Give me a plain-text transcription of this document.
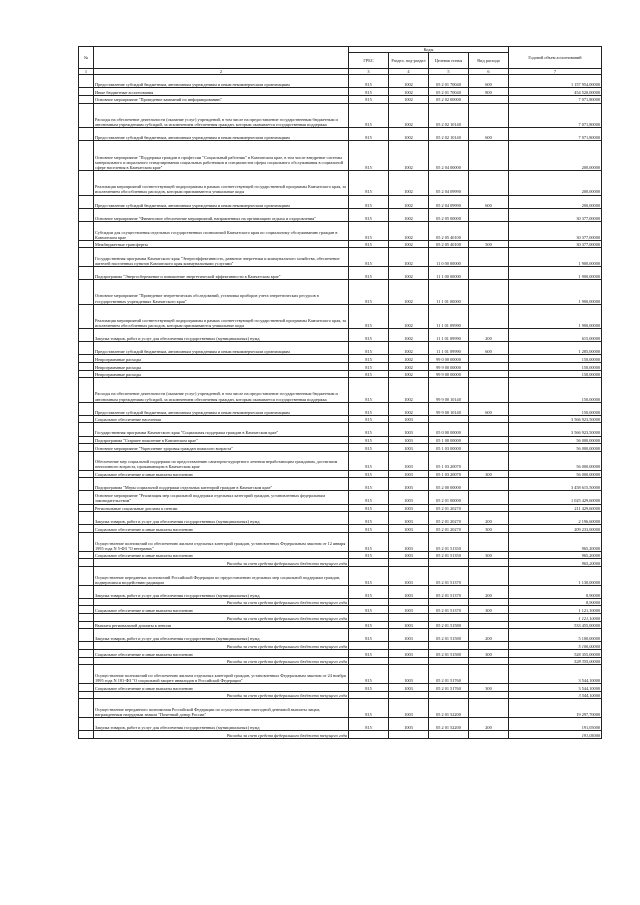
№		Коды				Годовой объем ассигнований
		ГРБС	Раздел, под-раздел	Целевая статья	Вид расхода	
1	2	3	4	5	6	7
	Предоставление субсидий бюджетным, автономным учреждениям и иным некоммерческим организациям	815	1002	05 2 01 70040	600	1 157 954,00000
	Иные бюджетные ассигнования	815	1002	05 2 01 70040	800	454 520,00000
	Основное мероприятие "Проведение кампаний по информированию"	815	1002	05 2 02 00000		7 071,80000
	Расходы на обеспечение деятельности (оказание услуг) учреждений, в том числе на предоставление государственным бюджетным и автономным учреждениям субсидий, за исключением обеспечения граждан, которым оказывается государственная поддержка	815	1002	05 2 02 10140		7 071,80000
	Предоставление субсидий бюджетным, автономным учреждениям и иным некоммерческим организациям	815	1002	05 2 02 10140	600	7 071,80000
	Основное мероприятие "Поддержка граждан в профессии "Социальный работник" в Камчатском крае, в том числе внедрение системы материального и морального стимулирования социальных работников и специалистов сферы социального обслуживания в социальной сфере населения в Камчатском крае"	815	1002	05 2 04 00000		200,00000
	Реализация мероприятий соответствующей подпрограммы в рамках соответствующей государственной программы Камчатского края, за исключением обособленных расходов, которым присваиваются уникальные коды	815	1002	05 2 04 09990		200,00000
	Предоставление субсидий бюджетным, автономным учреждениям и иным некоммерческим организациям	815	1002	05 2 04 09990	600	200,00000
	Основное мероприятие "Финансовое обеспечение мероприятий, направленных на организацию отдыха и оздоровления"	815	1002	05 2 05 00000		30 377,00000
	Субсидии для осуществления отдельных государственных полномочий Камчатского края по социальному обслуживанию граждан в Камчатском крае	815	1002	05 2 05 40100		30 377,00000
	Межбюджетные трансферты	815	1002	05 2 05 40100	500	30 377,00000
	Государственная программа Камчатского края "Энергоэффективность, развитие энергетики и коммунального хозяйства, обеспечение жителей населенных пунктов Камчатского края коммунальными услугами"	815	1002	11 0 00 00000		1 900,00000
	Подпрограмма "Энергосбережение и повышение энергетической эффективности в Камчатском крае"	815	1002	11 1 00 00000		1 900,00000
	Основное мероприятие "Проведение энергетических обследований, установка приборов учета энергетических ресурсов в государственных учреждениях Камчатского края"	815	1002	11 1 01 00000		1 900,00000
	Реализация мероприятий соответствующей подпрограммы в рамках соответствующей государственной программы Камчатского края, за исключением обособленных расходов, которым присваиваются уникальные коды	815	1002	11 1 01 09990		1 900,00000
	Закупка товаров, работ и услуг для обеспечения государственных (муниципальных) нужд	815	1002	11 1 01 09990	200	615,00000
	Предоставление субсидий бюджетным, автономным учреждениям и иным некоммерческим организациям	815	1002	11 1 01 09990	600	1 285,00000
	Непрограммные расходы	815	1002	99 0 00 00000		150,00000
	Непрограммные расходы	815	1002	99 9 00 00000		150,00000
	Непрограммные расходы	815	1002	99 9 00 00000		150,00000
	Расходы на обеспечение деятельности (оказание услуг) учреждений, в том числе на предоставление государственным бюджетным и автономным учреждениям субсидий, за исключением обеспечения граждан, которым оказывается государственная поддержка	815	1002	99 9 00 10140		150,00000
	Предоставление субсидий бюджетным, автономным учреждениям и иным некоммерческим организациям	815	1002	99 9 00 10140	600	150,00000
	Социальное обеспечение населения	815	1003			3 566 923,50000
	Государственная программа Камчатского края "Социальная поддержка граждан в Камчатском крае"	815	1003	05 0 00 00000		3 566 923,50000
	Подпрограмма "Старшее поколение в Камчатском крае"	815	1003	05 1 00 00000		56 000,00000
	Основное мероприятие "Укрепление здоровья граждан пожилого возраста"	815	1003	05 1 03 00000		56 000,00000
	Обеспечение мер социальной поддержки по предоставлению санаторно-курортного лечения неработающим гражданам, достигшим пенсионного возраста, проживающим в Камчатском крае	815	1003	05 1 03 20070		56 000,00000
	Социальное обеспечение и иные выплаты населению	815	1003	05 1 03 20070	300	56 000,00000
	Подпрограмма "Меры социальной поддержки отдельных категорий граждан в Камчатском крае"	815	1003	05 2 00 00000		3 458 615,50000
	Основное мероприятие "Реализация мер социальной поддержки отдельных категорий граждан, установленных федеральным законодательством"	815	1003	05 2 01 00000		1 025 429,60000
	Региональные социальные доплаты к пенсии	815	1003	05 2 01 20270		211 429,60000
	Закупка товаров, работ и услуг для обеспечения государственных (муниципальных) нужд	815	1003	05 2 01 20270	200	2 196,60000
	Социальное обеспечение и иные выплаты населению	815	1003	05 2 01 20270	300	209 233,00000
	Осуществление полномочий по обеспечению жильем отдельных категорий граждан, установленных Федеральным законом от 12 января 1995 года N 5-ФЗ "О ветеранах"	815	1003	05 2 01 51350		965,20000
	Социальное обеспечение и иные выплаты населению	815	1003	05 2 01 51350	300	965,20000
	Расходы за счет средств федерального бюджета текущего года					965,20000
	Осуществление переданных полномочий Российской Федерации по предоставлению отдельных мер социальной поддержки граждан, подвергшихся воздействию радиации	815	1003	05 2 01 51370		1 130,00000
	Закупка товаров, работ и услуг для обеспечения государственных (муниципальных) нужд	815	1003	05 2 01 51370	200	8,90000
	Расходы за счет средств федерального бюджета текущего года					8,90000
	Социальное обеспечение и иные выплаты населению	815	1003	05 2 01 51370	300	1 121,10000
	Расходы за счет средств федерального бюджета текущего года					1 121,10000
	Выплата региональной доплаты к пенсии	815	1003	05 2 01 51580		533 455,00000
	Закупка товаров, работ и услуг для обеспечения государственных (муниципальных) нужд	815	1003	05 2 01 51580	200	5 100,00000
	Расходы за счет средств федерального бюджета текущего года					5 100,00000
	Социальное обеспечение и иные выплаты населению	815	1003	05 2 01 51580	300	528 355,00000
	Расходы за счет средств федерального бюджета текущего года					528 355,00000
	Осуществление полномочий по обеспечению жильем отдельных категорий граждан, установленных Федеральным законом от 24 ноября 1995 года N 181-ФЗ "О социальной защите инвалидов в Российской Федерации"	815	1003	05 2 01 51760		3 544,10000
	Социальное обеспечение и иные выплаты населению	815	1003	05 2 01 51760	300	3 544,10000
	Расходы за счет средств федерального бюджета текущего года					3 544,10000
	Осуществление переданного полномочия Российской Федерации по осуществлению ежегодной денежной выплаты лицам, награжденным нагрудным знаком "Почетный донор России"	815	1003	05 2 01 52200		19 297,70000
	Закупка товаров, работ и услуг для обеспечения государственных (муниципальных) нужд	815	1003	05 2 01 52200	200	191,05000
	Расходы за счет средств федерального бюджета текущего года					191,05000
